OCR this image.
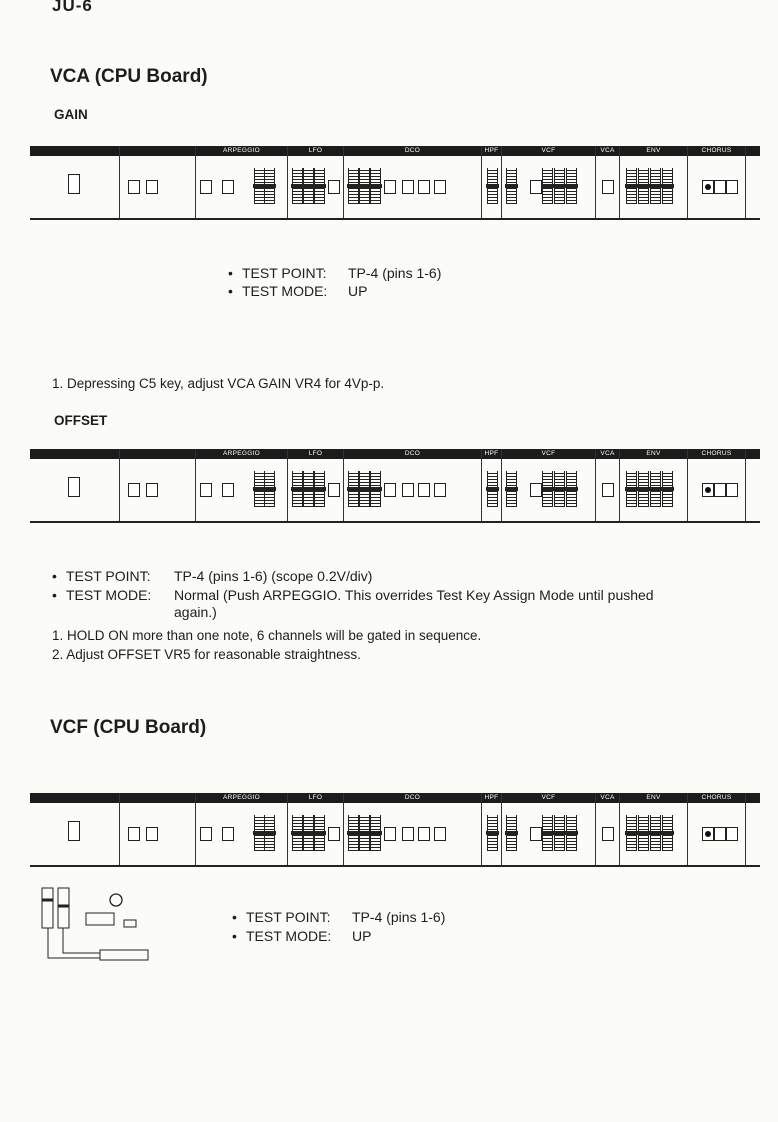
JU-6
VCA (CPU Board)
GAIN
ARPEGGIO	LFO	DCO	HPF	VCF	VCA	ENV	CHORUS
• TEST POINT: TP-4 (pins 1-6)
• TEST MODE: UP
1. Depressing C5 key, adjust VCA GAIN VR4 for 4Vp-p.
OFFSET
ARPEGGIO	LFO	DCO	HPF	VCF	VCA	ENV	CHORUS
• TEST POINT: TP-4 (pins 1-6) (scope 0.2V/div)
• TEST MODE: Normal (Push ARPEGGIO. This overrides Test Key Assign Mode until pushed
again.)
1. HOLD ON more than one note, 6 channels will be gated in sequence.
2. Adjust OFFSET VR5 for reasonable straightness.
VCF (CPU Board)
ARPEGGIO	LFO	DCO	HPF	VCF	VCA	ENV	CHORUS
• TEST POINT: TP-4 (pins 1-6)
• TEST MODE: UP
